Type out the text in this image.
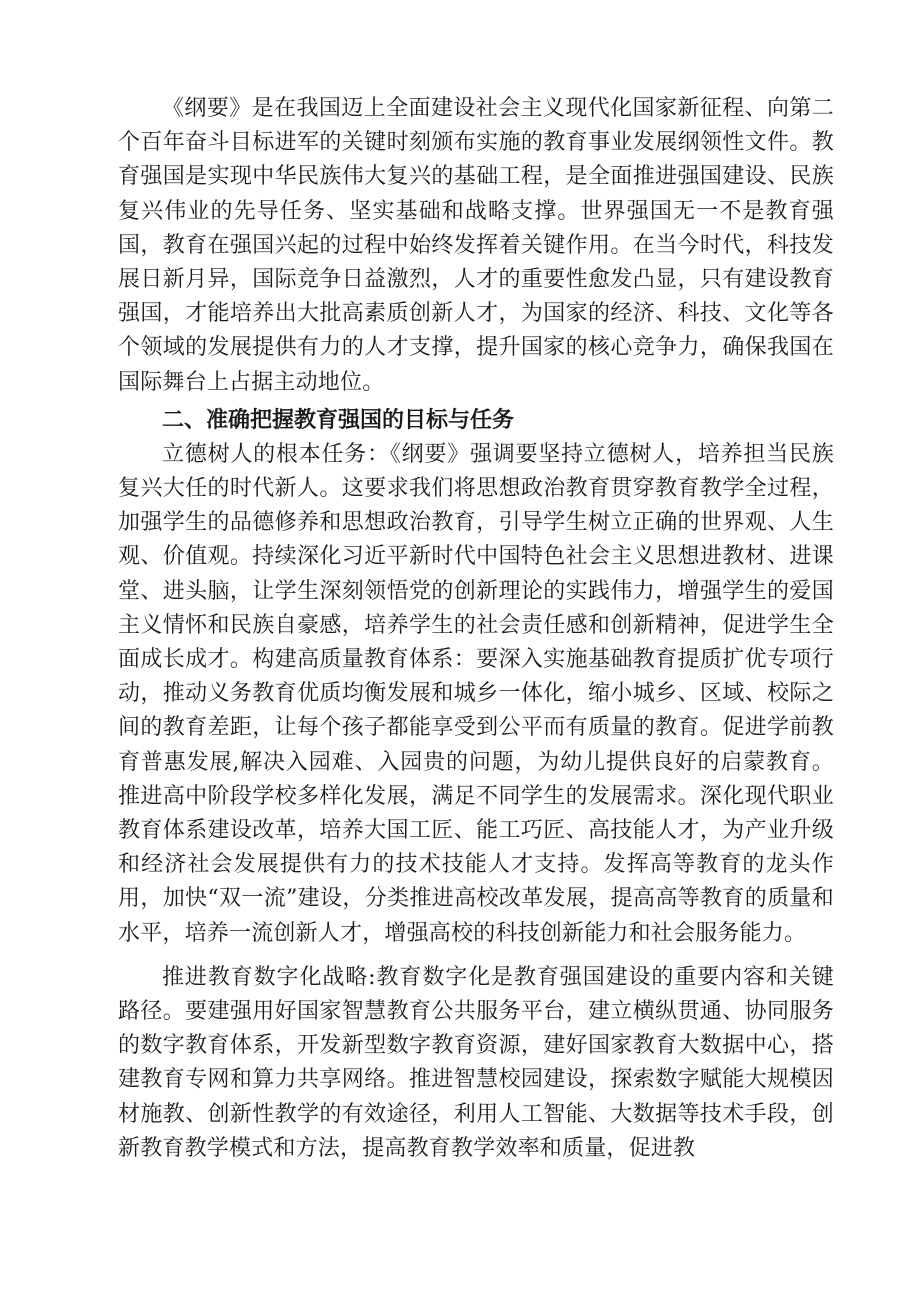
《纲要》是在我国迈上全面建设社会主义现代化国家新征程、向第二个百年奋斗目标进军的关键时刻颁布实施的教育事业发展纲领性文件。教育强国是实现中华民族伟大复兴的基础工程，是全面推进强国建设、民族复兴伟业的先导任务、坚实基础和战略支撑。世界强国无一不是教育强国，教育在强国兴起的过程中始终发挥着关键作用。在当今时代，科技发展日新月异，国际竞争日益激烈，人才的重要性愈发凸显，只有建设教育强国，才能培养出大批高素质创新人才，为国家的经济、科技、文化等各个领域的发展提供有力的人才支撑，提升国家的核心竞争力，确保我国在国际舞台上占据主动地位。

二、准确把握教育强国的目标与任务

立德树人的根本任务：《纲要》强调要坚持立德树人，培养担当民族复兴大任的时代新人。这要求我们将思想政治教育贯穿教育教学全过程，加强学生的品德修养和思想政治教育，引导学生树立正确的世界观、人生观、价值观。持续深化习近平新时代中国特色社会主义思想进教材、进课堂、进头脑，让学生深刻领悟党的创新理论的实践伟力，增强学生的爱国主义情怀和民族自豪感，培养学生的社会责任感和创新精神，促进学生全面成长成才。构建高质量教育体系：要深入实施基础教育提质扩优专项行动，推动义务教育优质均衡发展和城乡一体化，缩小城乡、区域、校际之间的教育差距，让每个孩子都能享受到公平而有质量的教育。促进学前教育普惠发展,解决入园难、入园贵的问题，为幼儿提供良好的启蒙教育。推进高中阶段学校多样化发展，满足不同学生的发展需求。深化现代职业教育体系建设改革，培养大国工匠、能工巧匠、高技能人才，为产业升级和经济社会发展提供有力的技术技能人才支持。发挥高等教育的龙头作用，加快“双一流”建设，分类推进高校改革发展，提高高等教育的质量和水平，培养一流创新人才，增强高校的科技创新能力和社会服务能力。

推进教育数字化战略:教育数字化是教育强国建设的重要内容和关键路径。要建强用好国家智慧教育公共服务平台，建立横纵贯通、协同服务的数字教育体系，开发新型数字教育资源，建好国家教育大数据中心，搭建教育专网和算力共享网络。推进智慧校园建设，探索数字赋能大规模因材施教、创新性教学的有效途径，利用人工智能、大数据等技术手段，创新教育教学模式和方法，提高教育教学效率和质量，促进教
